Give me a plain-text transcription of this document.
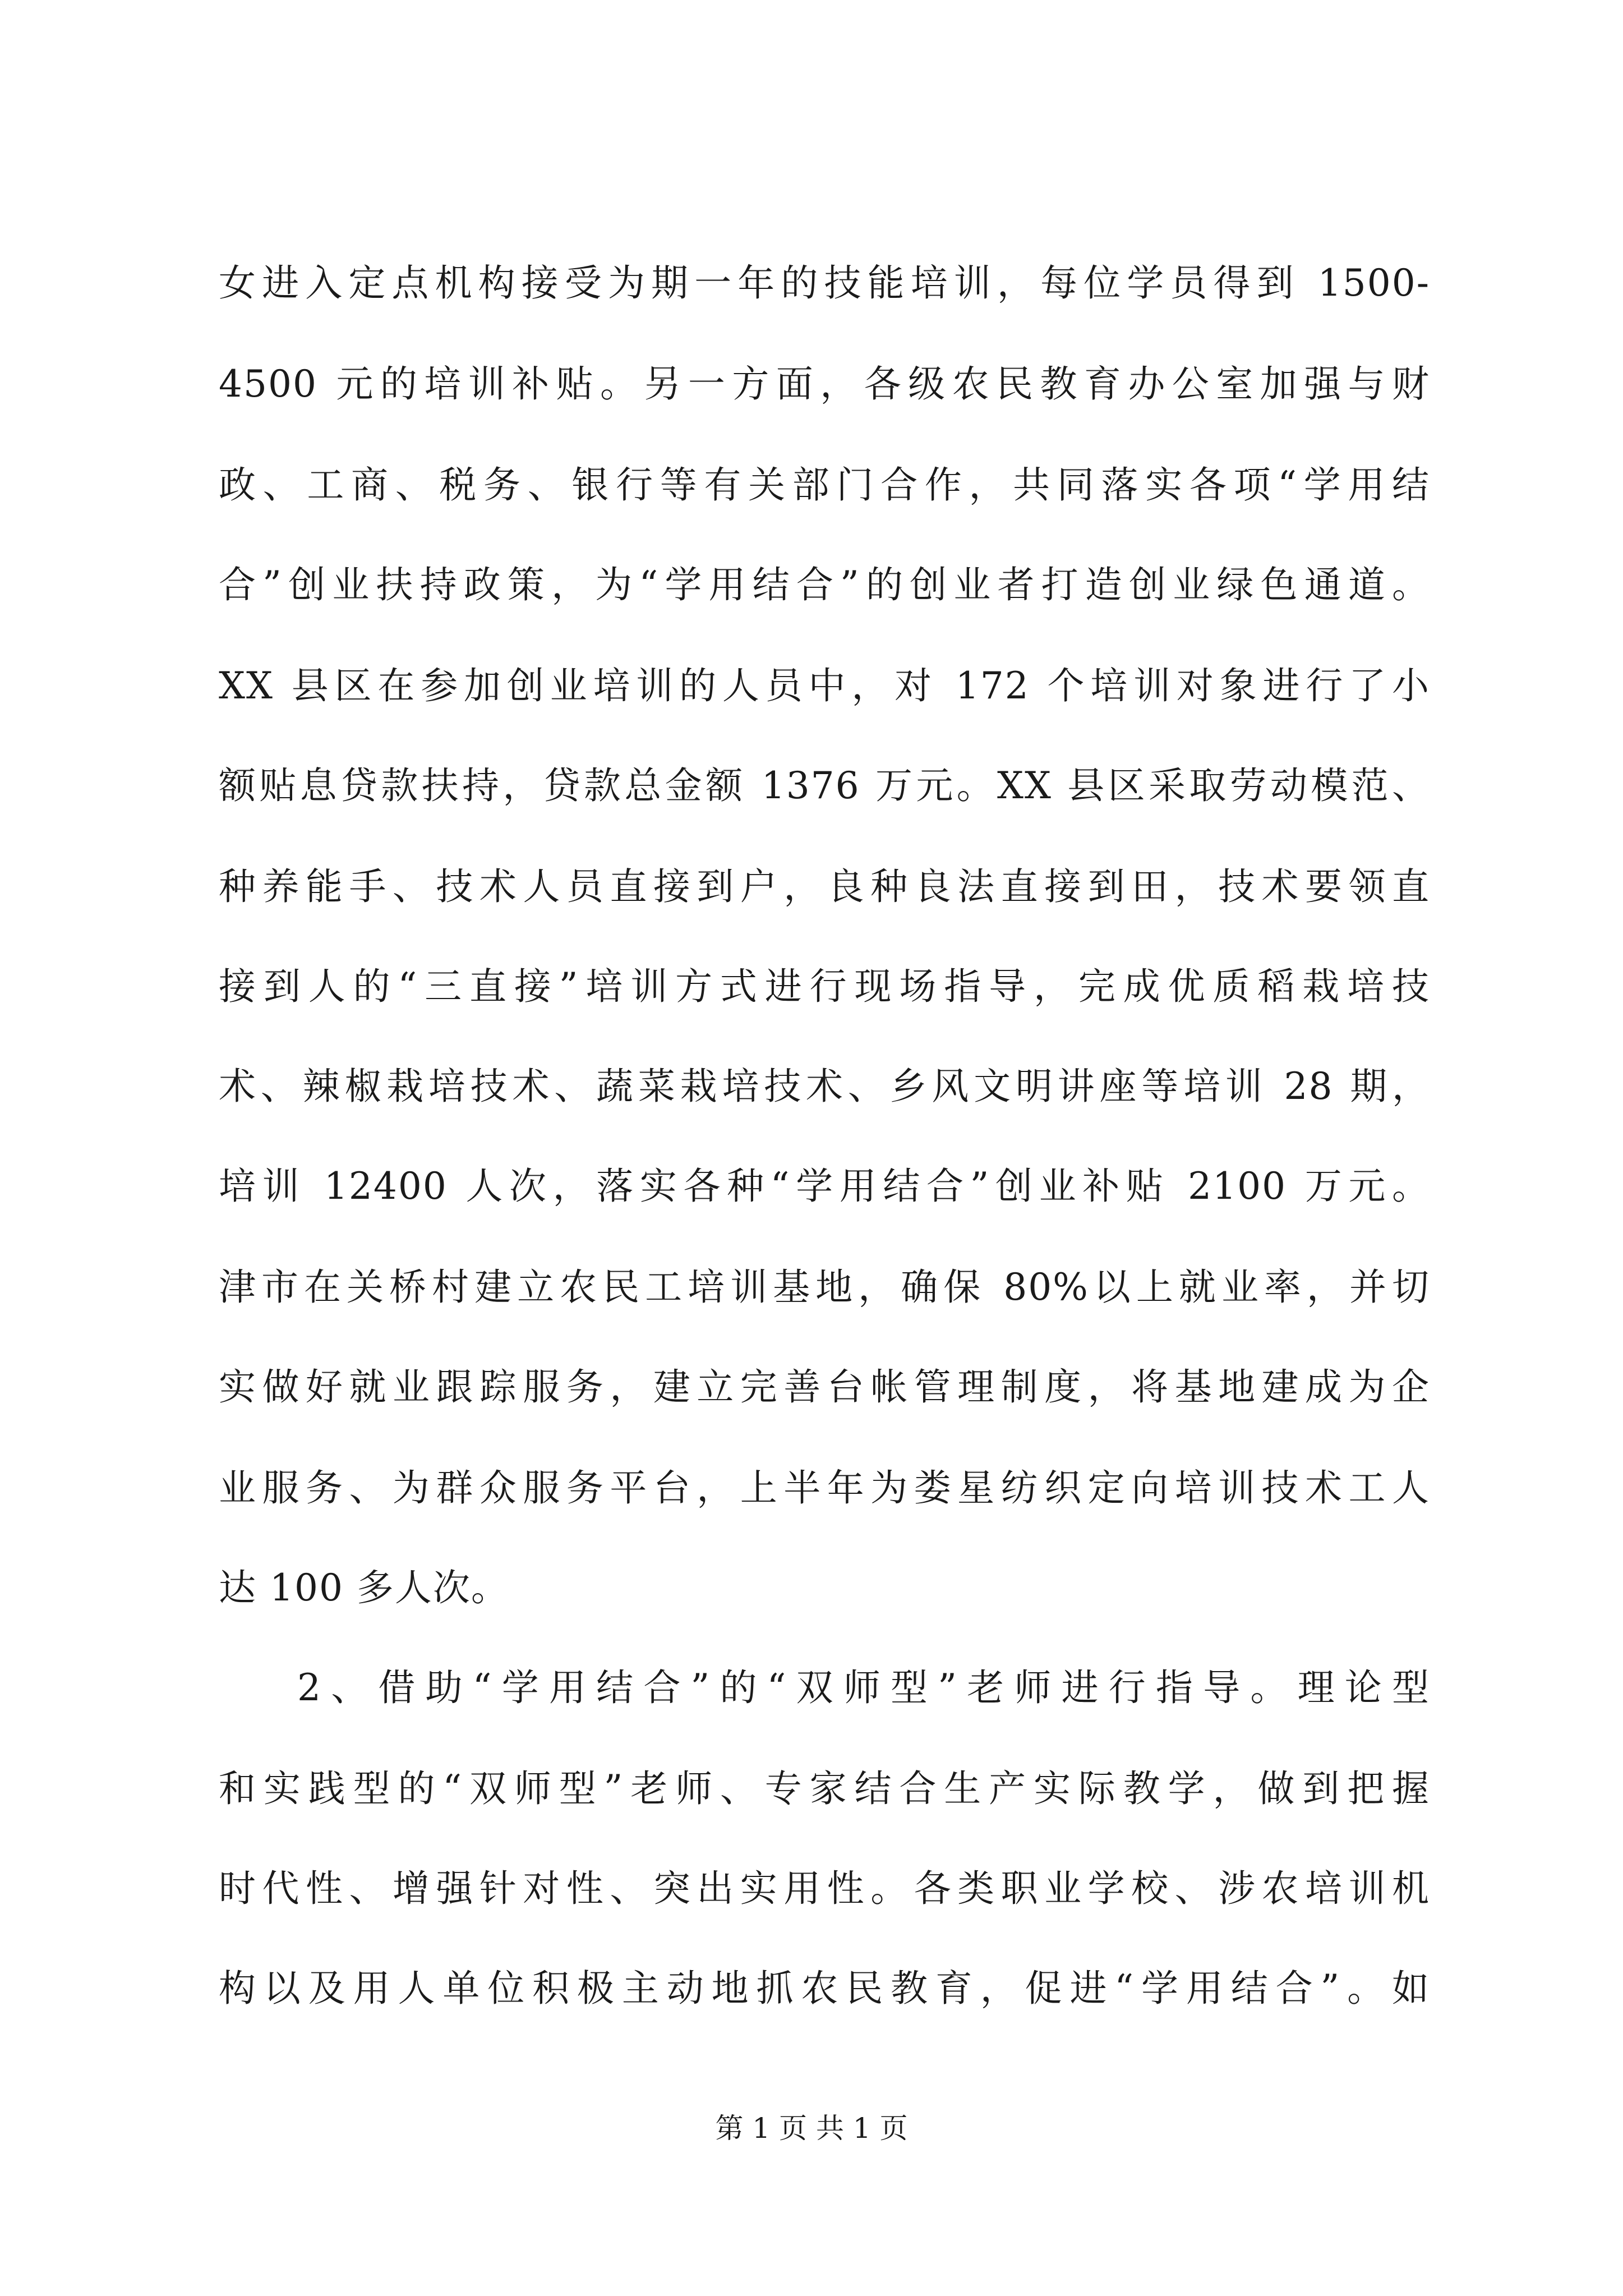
女进入定点机构接受为期一年的技能培训，每位学员得到 1500-
4500 元的培训补贴。另一方面，各级农民教育办公室加强与财
政、工商、税务、银行等有关部门合作，共同落实各项“学用结
合”创业扶持政策，为“学用结合”的创业者打造创业绿色通道。
XX 县区在参加创业培训的人员中，对 172 个培训对象进行了小
额贴息贷款扶持，贷款总金额 1376 万元。XX 县区采取劳动模范、
种养能手、技术人员直接到户，良种良法直接到田，技术要领直
接到人的“三直接”培训方式进行现场指导，完成优质稻栽培技
术、辣椒栽培技术、蔬菜栽培技术、乡风文明讲座等培训 28 期，
培训 12400 人次，落实各种“学用结合”创业补贴 2100 万元。
津市在关桥村建立农民工培训基地，确保 80%以上就业率，并切
实做好就业跟踪服务，建立完善台帐管理制度，将基地建成为企
业服务、为群众服务平台，上半年为娄星纺织定向培训技术工人
达 100 多人次。
2、借助“学用结合”的“双师型”老师进行指导。理论型
和实践型的“双师型”老师、专家结合生产实际教学，做到把握
时代性、增强针对性、突出实用性。各类职业学校、涉农培训机
构以及用人单位积极主动地抓农民教育，促进“学用结合”。如
第 1 页 共 1 页
